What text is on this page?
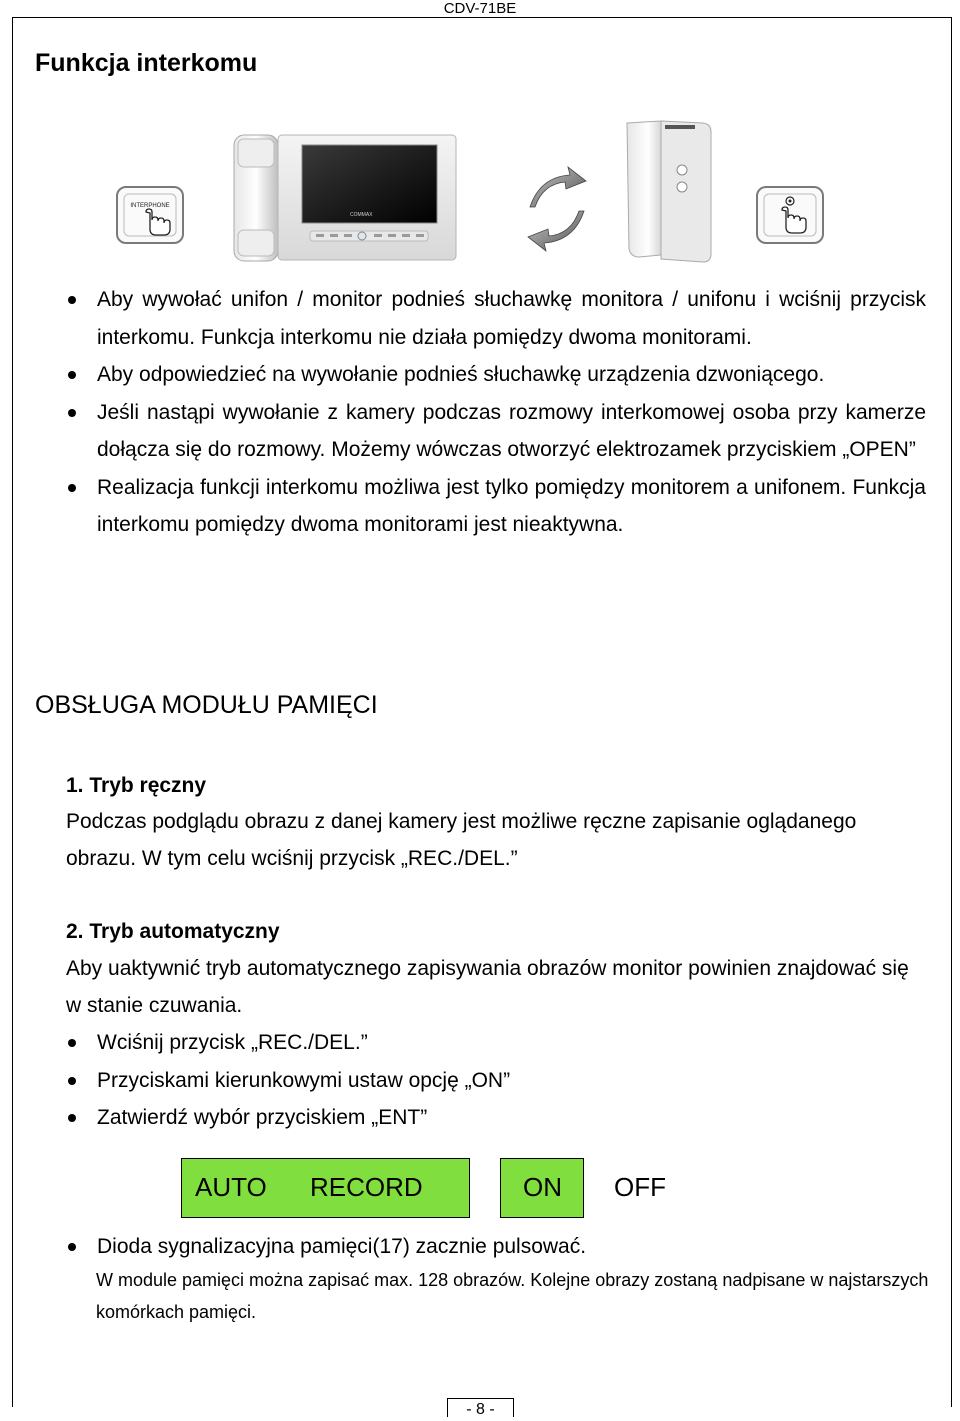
CDV-71BE
Funkcja interkomu
INTERPHONE
COMMAX
Aby wywołać unifon / monitor podnieś słuchawkę monitora / unifonu i wciśnij przycisk interkomu. Funkcja interkomu nie działa pomiędzy dwoma monitorami.
Aby odpowiedzieć na wywołanie podnieś słuchawkę urządzenia dzwoniącego.
Jeśli nastąpi wywołanie z kamery podczas rozmowy interkomowej osoba przy kamerze dołącza się do rozmowy. Możemy wówczas otworzyć elektrozamek przyciskiem „OPEN”
Realizacja funkcji interkomu możliwa jest tylko pomiędzy monitorem a unifonem. Funkcja interkomu pomiędzy dwoma monitorami jest nieaktywna.
OBSŁUGA MODUŁU PAMIĘCI

1. Tryb ręczny

Podczas podglądu obrazu z danej kamery jest możliwe ręczne zapisanie oglądanego obrazu. W tym celu wciśnij przycisk „REC./DEL.”

2. Tryb automatyczny

Aby uaktywnić tryb automatycznego zapisywania obrazów monitor powinien znajdować się w stanie czuwania.

Wciśnij przycisk „REC./DEL.”
Przyciskami kierunkowymi ustaw opcję „ON”
Zatwierdź wybór przyciskiem „ENT”
AUTO RECORD	ON OFF
Dioda sygnalizacyjna pamięci(17) zacznie pulsować.
W module pamięci można zapisać max. 128 obrazów. Kolejne obrazy zostaną nadpisane w najstarszych komórkach pamięci.
- 8 -
